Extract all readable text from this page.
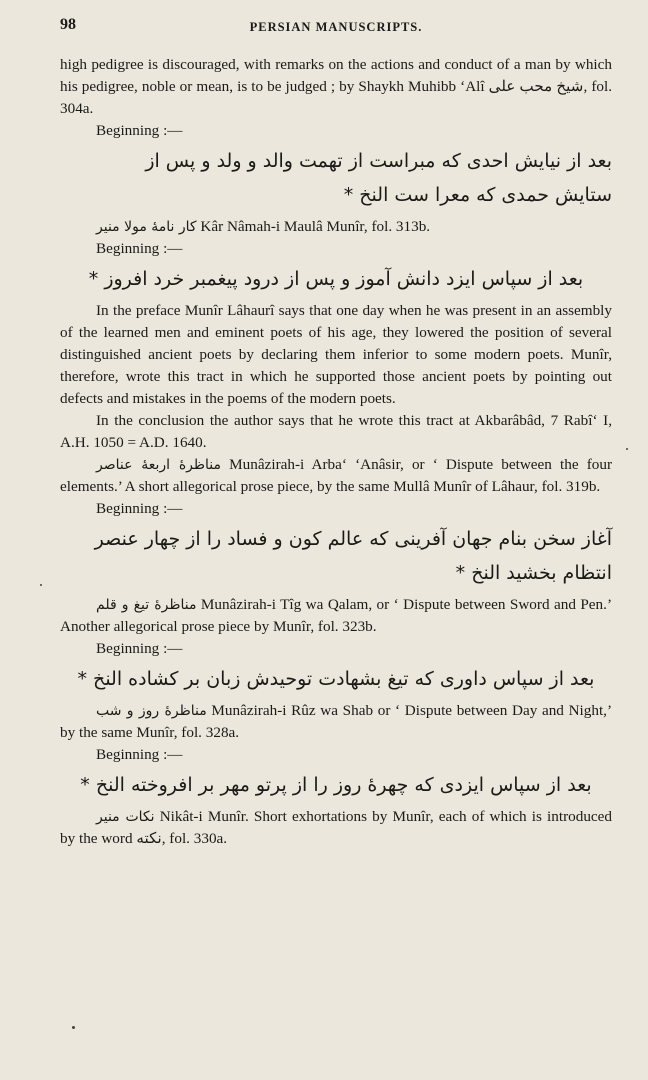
98	PERSIAN MANUSCRIPTS.

high pedigree is discouraged, with remarks on the actions and conduct of a man by which his pedigree, noble or mean, is to be judged ; by Shaykh Muhibb ‘Alî شیخ محب علی, fol. 304a.

Beginning :—
بعد از نیایش احدی که مبراست از تهمت والد و ولد و پس از
ستایش حمدی که معرا ست النخ *

کار نامۀ مولا منیر Kâr Nâmah-i Maulâ Munîr, fol. 313b.

Beginning :—
بعد از سپاس ایزد دانش آموز و پس از درود پیغمبر خرد افروز *

In the preface Munîr Lâhaurî says that one day when he was present in an assembly of the learned men and eminent poets of his age, they lowered the position of several distinguished ancient poets by declaring them inferior to some modern poets. Munîr, therefore, wrote this tract in which he supported those ancient poets by pointing out defects and mistakes in the poems of the modern poets.

In the conclusion the author says that he wrote this tract at Akbarâbâd, 7 Rabî‘ I, A.H. 1050 = A.D. 1640.

مناظرۀ اربعۀ عناصر Munâzirah-i Arba‘ ‘Anâsir, or ‘ Dispute between the four elements.’ A short allegorical prose piece, by the same Mullâ Munîr of Lâhaur, fol. 319b.

Beginning :—
آغاز سخن بنام جهان آفرینی که عالم کون و فساد را از چهار عنصر
انتظام بخشید النخ *

مناظرۀ تیغ و قلم Munâzirah-i Tîg wa Qalam, or ‘ Dispute between Sword and Pen.’ Another allegorical prose piece by Munîr, fol. 323b.

Beginning :—
بعد از سپاس داوری که تیغ بشهادت توحیدش زبان بر کشاده النخ *

مناظرۀ روز و شب Munâzirah-i Rûz wa Shab or ‘ Dispute between Day and Night,’ by the same Munîr, fol. 328a.

Beginning :—
بعد از سپاس ایزدی که چهرۀ روز را از پرتو مهر بر افروخته النخ *

نکات منیر Nikât-i Munîr. Short exhortations by Munîr, each of which is introduced by the word نکته, fol. 330a.
